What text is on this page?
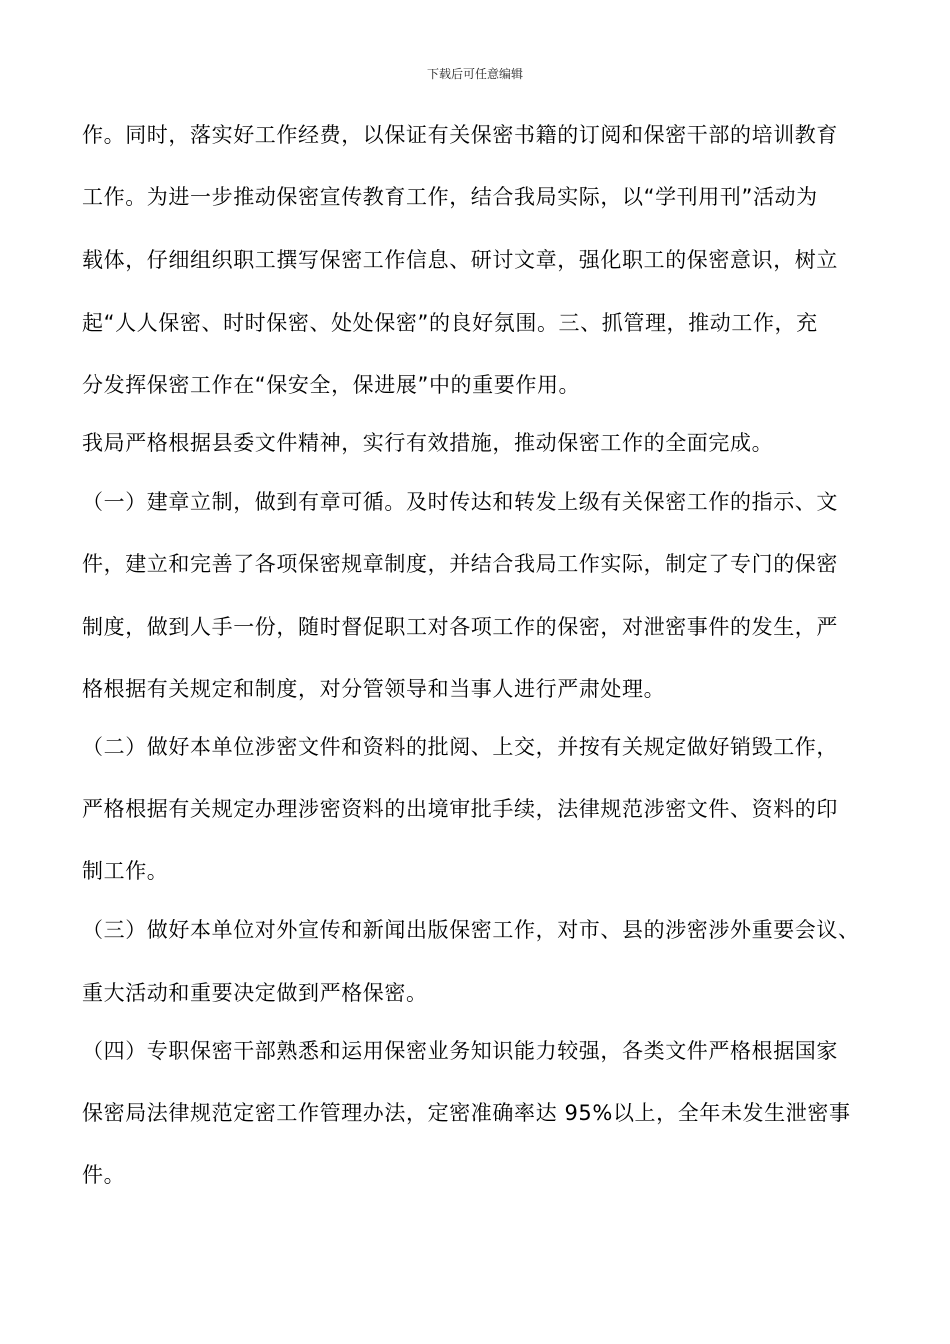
下载后可任意编辑
作。同时，落实好工作经费，以保证有关保密书籍的订阅和保密干部的培训教育
工作。为进一步推动保密宣传教育工作，结合我局实际，以“学刊用刊”活动为
载体，仔细组织职工撰写保密工作信息、研讨文章，强化职工的保密意识，树立
起“人人保密、时时保密、处处保密”的良好氛围。三、抓管理，推动工作，充
分发挥保密工作在“保安全，保进展”中的重要作用。
我局严格根据县委文件精神，实行有效措施，推动保密工作的全面完成。
（一）建章立制，做到有章可循。及时传达和转发上级有关保密工作的指示、文
件，建立和完善了各项保密规章制度，并结合我局工作实际，制定了专门的保密
制度，做到人手一份，随时督促职工对各项工作的保密，对泄密事件的发生，严
格根据有关规定和制度，对分管领导和当事人进行严肃处理。
（二）做好本单位涉密文件和资料的批阅、上交，并按有关规定做好销毁工作，
严格根据有关规定办理涉密资料的出境审批手续，法律规范涉密文件、资料的印
制工作。
（三）做好本单位对外宣传和新闻出版保密工作，对市、县的涉密涉外重要会议、
重大活动和重要决定做到严格保密。
（四）专职保密干部熟悉和运用保密业务知识能力较强，各类文件严格根据国家
保密局法律规范定密工作管理办法，定密准确率达 95%以上，全年未发生泄密事
件。
